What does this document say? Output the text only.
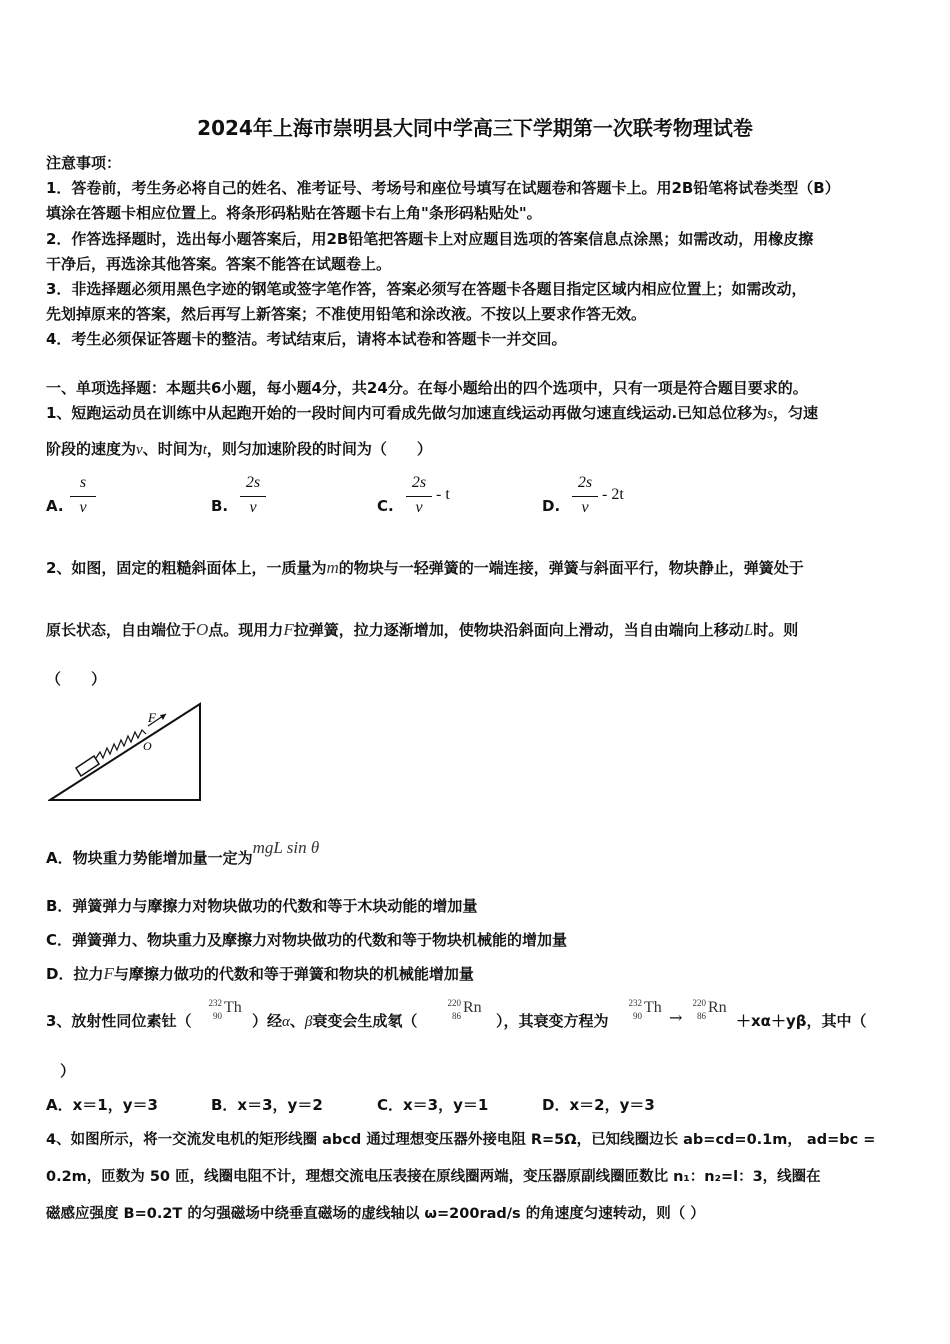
2024年上海市崇明县大同中学高三下学期第一次联考物理试卷
注意事项：
1．答卷前，考生务必将自己的姓名、准考证号、考场号和座位号填写在试题卷和答题卡上。用2B铅笔将试卷类型（B）
填涂在答题卡相应位置上。将条形码粘贴在答题卡右上角"条形码粘贴处"。
2．作答选择题时，选出每小题答案后，用2B铅笔把答题卡上对应题目选项的答案信息点涂黑；如需改动，用橡皮擦
干净后，再选涂其他答案。答案不能答在试题卷上。
3．非选择题必须用黑色字迹的钢笔或签字笔作答，答案必须写在答题卡各题目指定区域内相应位置上；如需改动，
先划掉原来的答案，然后再写上新答案；不准使用铅笔和涂改液。不按以上要求作答无效。
4．考生必须保证答题卡的整洁。考试结束后，请将本试卷和答题卡一并交回。
一、单项选择题：本题共6小题，每小题4分，共24分。在每小题给出的四个选项中，只有一项是符合题目要求的。
1、短跑运动员在训练中从起跑开始的一段时间内可看成先做匀加速直线运动再做匀速直线运动.已知总位移为s，匀速
阶段的速度为v、时间为t，则匀加速阶段的时间为（　　）
A.
s
v	B.
2s
v	C.
2s
v
- t
D.
2s
v
- 2t
2、如图，固定的粗糙斜面体上，一质量为m的物块与一轻弹簧的一端连接，弹簧与斜面平行，物块静止，弹簧处于
原长状态，自由端位于O点。现用力F拉弹簧，拉力逐渐增加，使物块沿斜面向上滑动，当自由端向上移动L时。则
（　　）
F
O
A．物块重力势能增加量一定为mgL sin θ
B．弹簧弹力与摩擦力对物块做功的代数和等于木块动能的增加量
C．弹簧弹力、物块重力及摩擦力对物块做功的代数和等于物块机械能的增加量
D．拉力F与摩擦力做功的代数和等于弹簧和物块的机械能增加量
3、放射性同位素钍（
232
90 Th
）经α、β衰变会生成氡（
220
86 Rn
），其衰变方程为
232
90 Th
→
220
86 Rn
＋xα＋yβ，其中（
）
A．x＝1，y＝3	B．x＝3，y＝2	C．x＝3，y＝1	D．x＝2，y＝3
4、如图所示，将一交流发电机的矩形线圈 abcd 通过理想变压器外接电阻 R=5Ω，已知线圈边长 ab=cd=0.1m， ad=bc =
0.2m，匝数为 50 匝，线圈电阻不计，理想交流电压表接在原线圈两端，变压器原副线圈匝数比 n₁：n₂=l：3，线圈在
磁感应强度 B=0.2T 的匀强磁场中绕垂直磁场的虚线轴以 ω=200rad/s 的角速度匀速转动，则（ ）
